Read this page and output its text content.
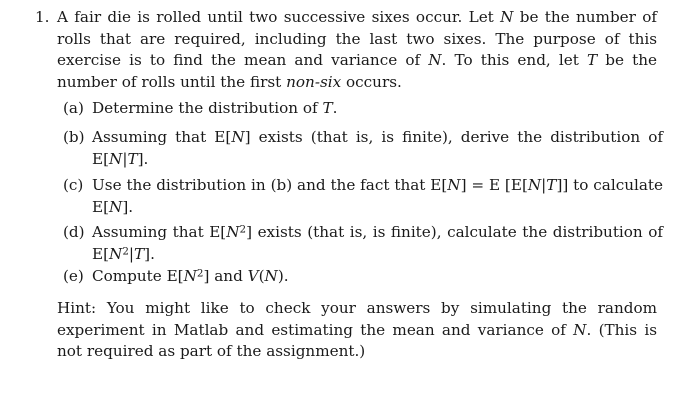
1. A fair die is rolled until two successive sixes occur. Let N be the number of rolls that are required, including the last two sixes. The purpose of this exercise is to find the mean and variance of N. To this end, let T be the number of rolls until the first non-six occurs.
(a) Determine the distribution of T.
(b) Assuming that E[N] exists (that is, is finite), derive the distribution of E[N|T].
(c) Use the distribution in (b) and the fact that E[N] = E [E[N|T]] to calculate E[N].
(d) Assuming that $E[N^2]$ exists (that is, is finite), calculate the distribution of $E[N^2|T]$.
(e) Compute $E[N^2]$ and V(N).
Hint: You might like to check your answers by simulating the random experiment in Matlab and estimating the mean and variance of N. (This is not required as part of the assignment.)
